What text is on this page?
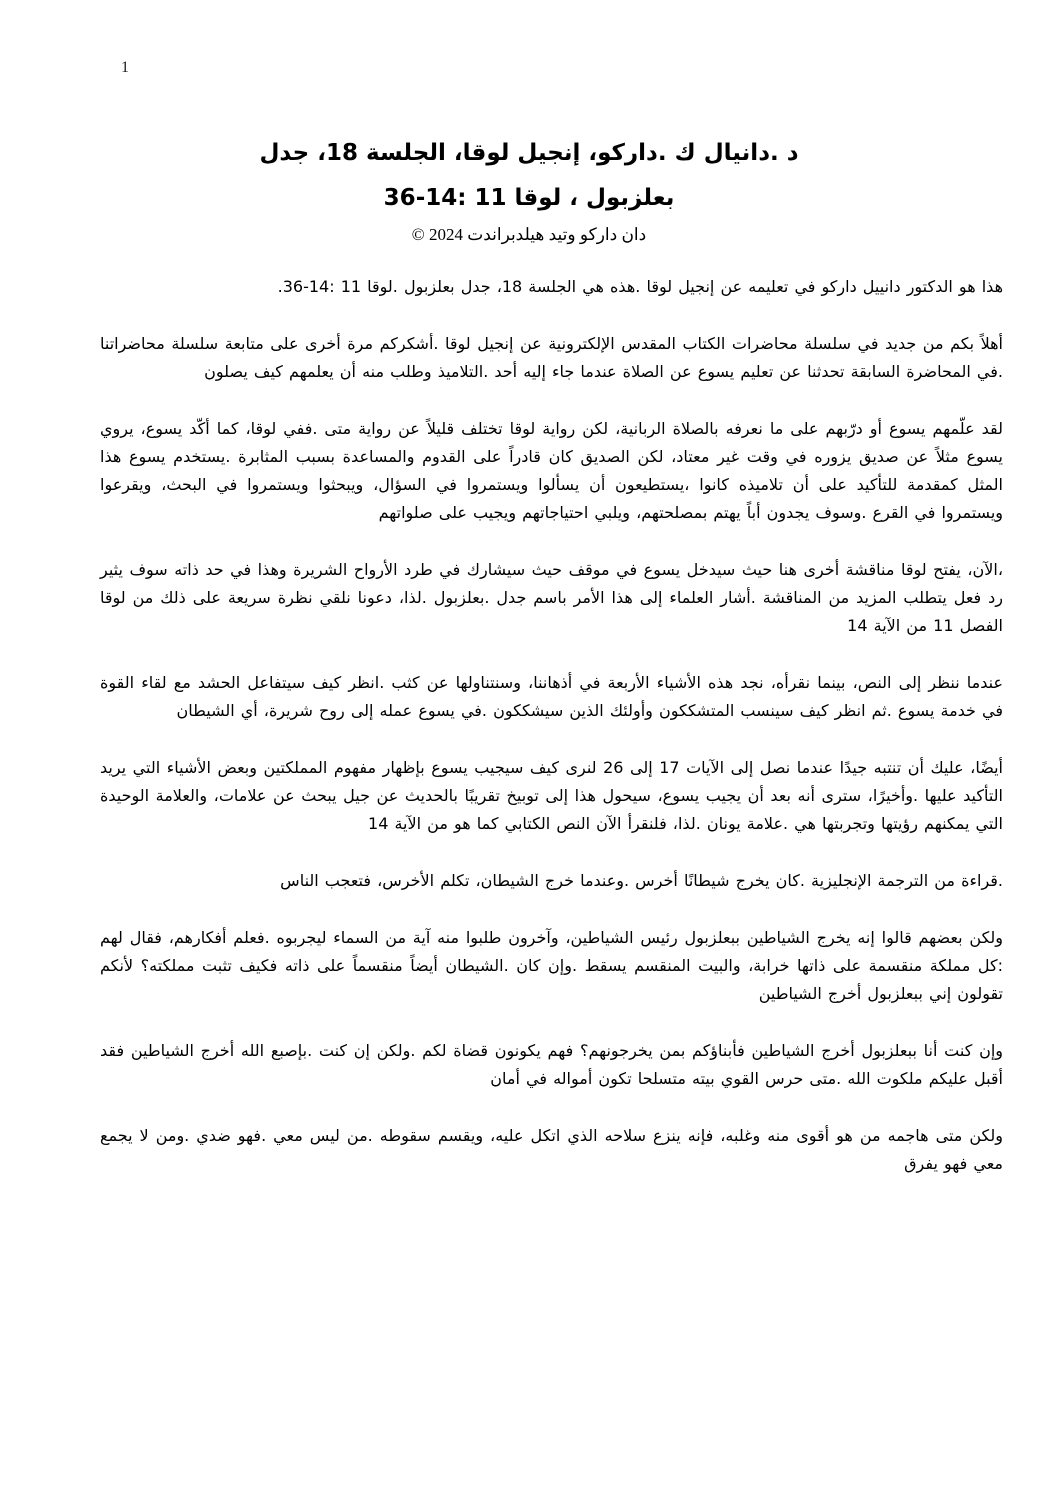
1
د .دانيال ك .داركو، إنجيل لوقا، الجلسة 18، جدل
بعلزبول ، لوقا 11 :14-36
دان داركو وتيد هيلدبراندت 2024 ©

هذا هو الدكتور دانييل داركو في تعليمه عن إنجيل لوقا .هذه هي الجلسة 18، جدل بعلزبول .لوقا 11 :14-36.

أهلاً بكم من جديد في سلسلة محاضرات الكتاب المقدس الإلكترونية عن إنجيل لوقا .أشكركم مرة أخرى على متابعة سلسلة محاضراتنا .في المحاضرة السابقة تحدثنا عن تعليم يسوع عن الصلاة عندما جاء إليه أحد .التلاميذ وطلب منه أن يعلمهم كيف يصلون

لقد علّمهم يسوع أو درّبهم على ما نعرفه بالصلاة الربانية، لكن رواية لوقا تختلف قليلاً عن رواية متى .ففي لوقا، كما أكّد يسوع، يروي يسوع مثلاً عن صديق يزوره في وقت غير معتاد، لكن الصديق كان قادراً على القدوم والمساعدة بسبب المثابرة .يستخدم يسوع هذا المثل كمقدمة للتأكيد على أن تلاميذه كانوا ،يستطيعون أن يسألوا ويستمروا في السؤال، ويبحثوا ويستمروا في البحث، ويقرعوا ويستمروا في القرع .وسوف يجدون أباً يهتم بمصلحتهم، ويلبي احتياجاتهم ويجيب على صلواتهم

،الآن، يفتح لوقا مناقشة أخرى هنا حيث سيدخل يسوع في موقف حيث سيشارك في طرد الأرواح الشريرة وهذا في حد ذاته سوف يثير رد فعل يتطلب المزيد من المناقشة .أشار العلماء إلى هذا الأمر باسم جدل .بعلزبول .لذا، دعونا نلقي نظرة سريعة على ذلك من لوقا الفصل 11 من الآية 14

عندما ننظر إلى النص، بينما نقرأه، نجد هذه الأشياء الأربعة في أذهاننا، وسنتناولها عن كثب .انظر كيف سيتفاعل الحشد مع لقاء القوة في خدمة يسوع .ثم انظر كيف سينسب المتشككون وأولئك الذين سيشككون .في يسوع عمله إلى روح شريرة، أي الشيطان

أيضًا، عليك أن تنتبه جيدًا عندما نصل إلى الآيات 17 إلى 26 لنرى كيف سيجيب يسوع بإظهار مفهوم المملكتين وبعض الأشياء التي يريد التأكيد عليها .وأخيرًا، سترى أنه بعد أن يجيب يسوع، سيحول هذا إلى توبيخ تقريبًا بالحديث عن جيل يبحث عن علامات، والعلامة الوحيدة التي يمكنهم رؤيتها وتجربتها هي .علامة يونان .لذا، فلنقرأ الآن النص الكتابي كما هو من الآية 14

.قراءة من الترجمة الإنجليزية .كان يخرج شيطانًا أخرس .وعندما خرج الشيطان، تكلم الأخرس، فتعجب الناس

ولكن بعضهم قالوا إنه يخرج الشياطين ببعلزبول رئيس الشياطين، وآخرون طلبوا منه آية من السماء ليجربوه .فعلم أفكارهم، فقال لهم :كل مملكة منقسمة على ذاتها خرابة، والبيت المنقسم يسقط .وإن كان .الشيطان أيضاً منقسماً على ذاته فكيف تثبت مملكته؟ لأنكم تقولون إني ببعلزبول أخرج الشياطين

وإن كنت أنا ببعلزبول أخرج الشياطين فأبناؤكم بمن يخرجونهم؟ فهم يكونون قضاة لكم .ولكن إن كنت .بإصبع الله أخرج الشياطين فقد أقبل عليكم ملكوت الله .متى حرس القوي بيته متسلحا تكون أمواله في أمان

ولكن متى هاجمه من هو أقوى منه وغلبه، فإنه ينزع سلاحه الذي اتكل عليه، ويقسم سقوطه .من ليس معي .فهو ضدي .ومن لا يجمع معي فهو يفرق
